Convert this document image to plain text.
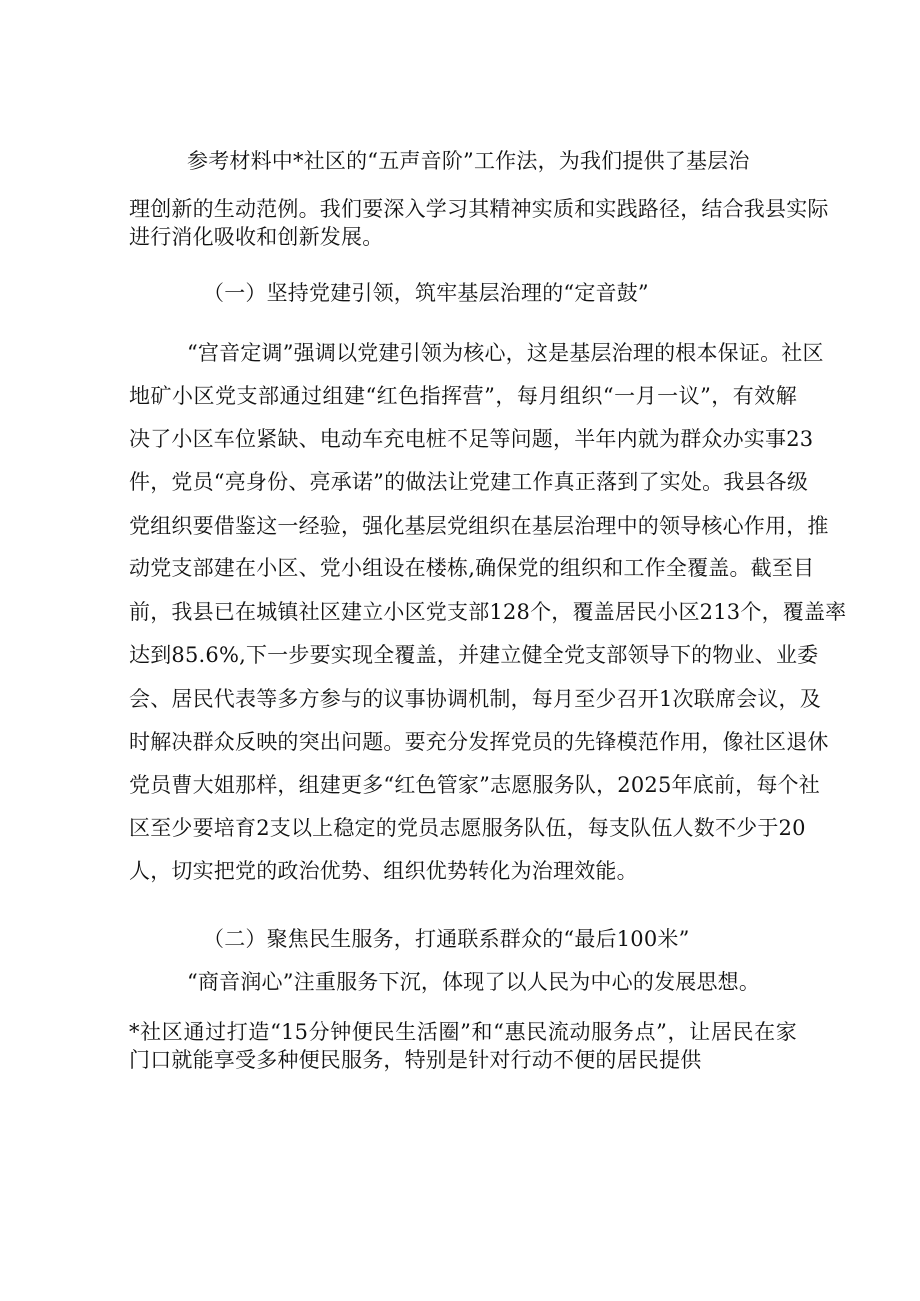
参考材料中*社区的“五声音阶”工作法，为我们提供了基层治
理创新的生动范例。我们要深入学习其精神实质和实践路径，结合我县实际
进行消化吸收和创新发展。
（一）坚持党建引领，筑牢基层治理的“定音鼓”
“宫音定调”强调以党建引领为核心，这是基层治理的根本保证。社区
地矿小区党支部通过组建“红色指挥营”，每月组织“一月一议”，有效解
决了小区车位紧缺、电动车充电桩不足等问题，半年内就为群众办实事23
件，党员“亮身份、亮承诺”的做法让党建工作真正落到了实处。我县各级
党组织要借鉴这一经验，强化基层党组织在基层治理中的领导核心作用，推
动党支部建在小区、党小组设在楼栋,确保党的组织和工作全覆盖。截至目
前，我县已在城镇社区建立小区党支部128个，覆盖居民小区213个，覆盖率
达到85.6%,下一步要实现全覆盖，并建立健全党支部领导下的物业、业委
会、居民代表等多方参与的议事协调机制，每月至少召开1次联席会议，及
时解决群众反映的突出问题。要充分发挥党员的先锋模范作用，像社区退休
党员曹大姐那样，组建更多“红色管家”志愿服务队，2025年底前，每个社
区至少要培育2支以上稳定的党员志愿服务队伍，每支队伍人数不少于20
人，切实把党的政治优势、组织优势转化为治理效能。
（二）聚焦民生服务，打通联系群众的“最后100米”
“商音润心”注重服务下沉，体现了以人民为中心的发展思想。
*社区通过打造“15分钟便民生活圈”和“惠民流动服务点”，让居民在家
门口就能享受多种便民服务，特别是针对行动不便的居民提供
